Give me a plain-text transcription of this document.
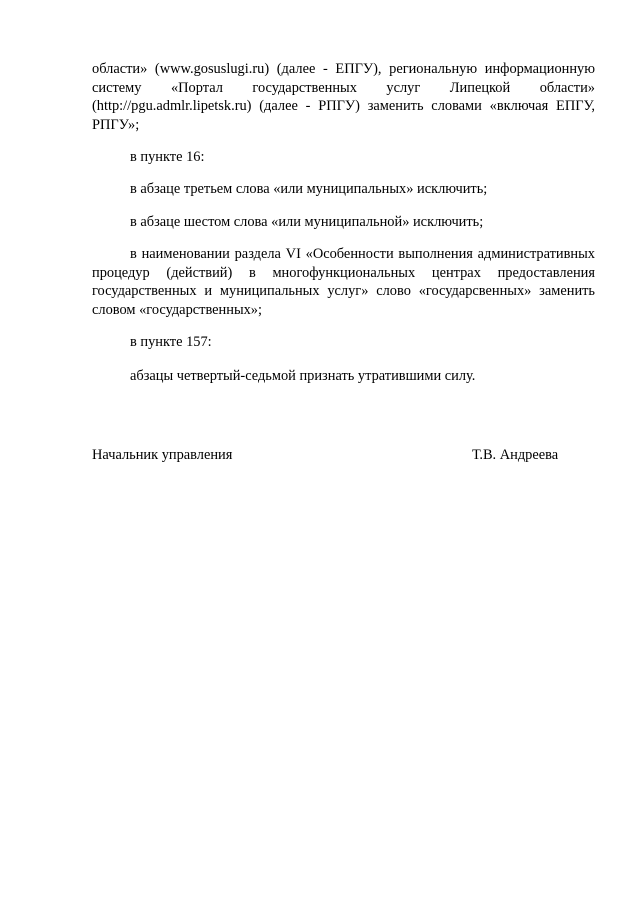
области» (www.gosuslugi.ru) (далее - ЕПГУ), региональную информационную систему «Портал государственных услуг Липецкой области» (http://pgu.admlr.lipetsk.ru) (далее - РПГУ) заменить словами «включая ЕПГУ, РПГУ»;

в пункте 16:

в абзаце третьем слова «или муниципальных» исключить;

в абзаце шестом слова «или муниципальной» исключить;

в наименовании раздела VI «Особенности выполнения административных процедур (действий) в многофункциональных центрах предоставления государственных и муниципальных услуг» слово «государсвенных» заменить словом «государственных»;

в пункте 157:

абзацы четвертый-седьмой признать утратившими силу.

Начальник управления	Т.В. Андреева
